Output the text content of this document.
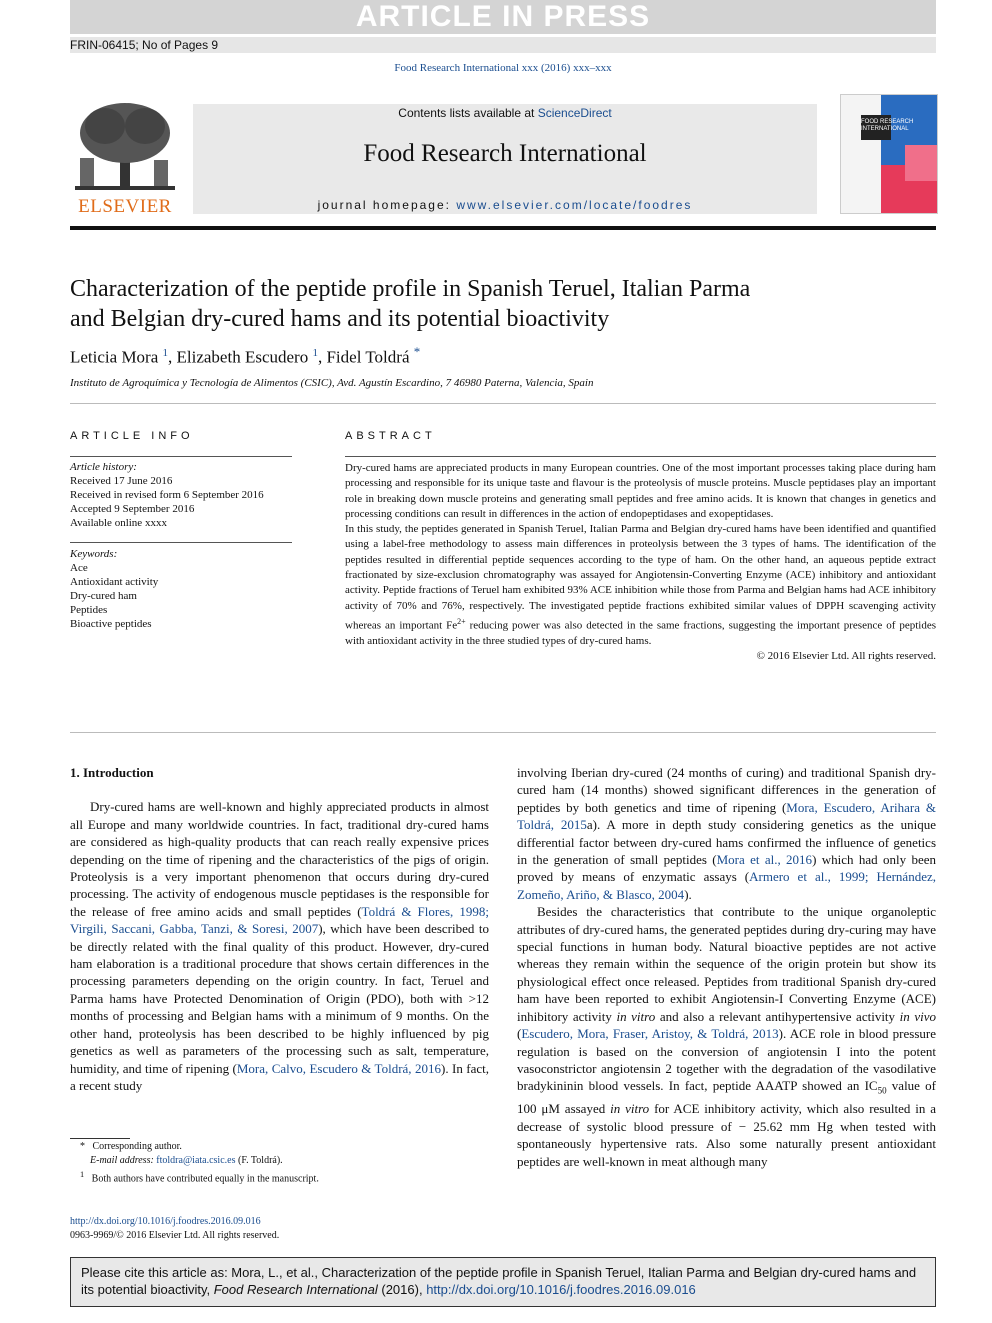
ARTICLE IN PRESS
FRIN-06415; No of Pages 9
Food Research International xxx (2016) xxx–xxx
ELSEVIER
Contents lists available at ScienceDirect
Food Research International
journal homepage: www.elsevier.com/locate/foodres
FOOD RESEARCH INTERNATIONAL
Characterization of the peptide profile in Spanish Teruel, Italian Parma
and Belgian dry-cured hams and its potential bioactivity
Leticia Mora $^1$, Elizabeth Escudero $^1$, Fidel Toldrá *
Instituto de Agroquímica y Tecnología de Alimentos (CSIC), Avd. Agustín Escardino, 7 46980 Paterna, Valencia, Spain
ARTICLE INFO
Article history:
Received 17 June 2016
Received in revised form 6 September 2016
Accepted 9 September 2016
Available online xxxx
Keywords:
Ace
Antioxidant activity
Dry-cured ham
Peptides
Bioactive peptides
ABSTRACT

Dry-cured hams are appreciated products in many European countries. One of the most important processes taking place during ham processing and responsible for its unique taste and flavour is the proteolysis of muscle proteins. Muscle peptidases play an important role in breaking down muscle proteins and generating small peptides and free amino acids. It is known that changes in genetics and processing conditions can result in differences in the action of endopeptidases and exopeptidases.

In this study, the peptides generated in Spanish Teruel, Italian Parma and Belgian dry-cured hams have been identified and quantified using a label-free methodology to assess main differences in proteolysis between the 3 types of hams. The identification of the peptides resulted in differential peptide sequences according to the type of ham. On the other hand, an aqueous peptide extract fractionated by size-exclusion chromatography was assayed for Angiotensin-Converting Enzyme (ACE) inhibitory and antioxidant activity. Peptide fractions of Teruel ham exhibited 93% ACE inhibition while those from Parma and Belgian hams had ACE inhibitory activity of 70% and 76%, respectively. The investigated peptide fractions exhibited similar values of DPPH scavenging activity whereas an important $Fe^{2+}$ reducing power was also detected in the same fractions, suggesting the important presence of peptides with antioxidant activity in the three studied types of dry-cured hams.

© 2016 Elsevier Ltd. All rights reserved.

1. Introduction

Dry-cured hams are well-known and highly appreciated products in almost all Europe and many worldwide countries. In fact, traditional dry-cured hams are considered as high-quality products that can reach really expensive prices depending on the time of ripening and the characteristics of the pigs of origin. Proteolysis is a very important phenomenon that occurs during dry-cured processing. The activity of endogenous muscle peptidases is the responsible for the release of free amino acids and small peptides (Toldrá & Flores, 1998; Virgili, Saccani, Gabba, Tanzi, & Soresi, 2007), which have been described to be directly related with the final quality of this product. However, dry-cured ham elaboration is a traditional procedure that shows certain differences in the processing parameters depending on the origin country. In fact, Teruel and Parma hams have Protected Denomination of Origin (PDO), both with >12 months of processing and Belgian hams with a minimum of 9 months. On the other hand, proteolysis has been described to be highly influenced by pig genetics as well as parameters of the processing such as salt, temperature, humidity, and time of ripening (Mora, Calvo, Escudero & Toldrá, 2016). In fact, a recent study

involving Iberian dry-cured (24 months of curing) and traditional Spanish dry-cured ham (14 months) showed significant differences in the generation of peptides by both genetics and time of ripening (Mora, Escudero, Arihara & Toldrá, 2015a). A more in depth study considering genetics as the unique differential factor between dry-cured hams confirmed the influence of genetics in the generation of small peptides (Mora et al., 2016) which had only been proved by means of enzymatic assays (Armero et al., 1999; Hernández, Zomeño, Ariño, & Blasco, 2004).

Besides the characteristics that contribute to the unique organoleptic attributes of dry-cured hams, the generated peptides during dry-curing may have special functions in human body. Natural bioactive peptides are not active whereas they remain within the sequence of the origin protein but show its physiological effect once released. Peptides from traditional Spanish dry-cured ham have been reported to exhibit Angiotensin-I Converting Enzyme (ACE) inhibitory activity in vitro and also a relevant antihypertensive activity in vivo (Escudero, Mora, Fraser, Aristoy, & Toldrá, 2013). ACE role in blood pressure regulation is based on the conversion of angiotensin I into the potent vasoconstrictor angiotensin 2 together with the degradation of the vasodilative bradykininin blood vessels. In fact, peptide AAATP showed an $IC_{50}$ value of 100 μM assayed in vitro for ACE inhibitory activity, which also resulted in a decrease of systolic blood pressure of − 25.62 mm Hg when tested with spontaneously hypertensive rats. Also some naturally present antioxidant peptides are well-known in meat although many

* Corresponding author.
E-mail address: ftoldra@iata.csic.es (F. Toldrá).
$^1$ Both authors have contributed equally in the manuscript.
http://dx.doi.org/10.1016/j.foodres.2016.09.016
0963-9969/© 2016 Elsevier Ltd. All rights reserved.
Please cite this article as: Mora, L., et al., Characterization of the peptide profile in Spanish Teruel, Italian Parma and Belgian dry-cured hams and its potential bioactivity, Food Research International (2016), http://dx.doi.org/10.1016/j.foodres.2016.09.016
